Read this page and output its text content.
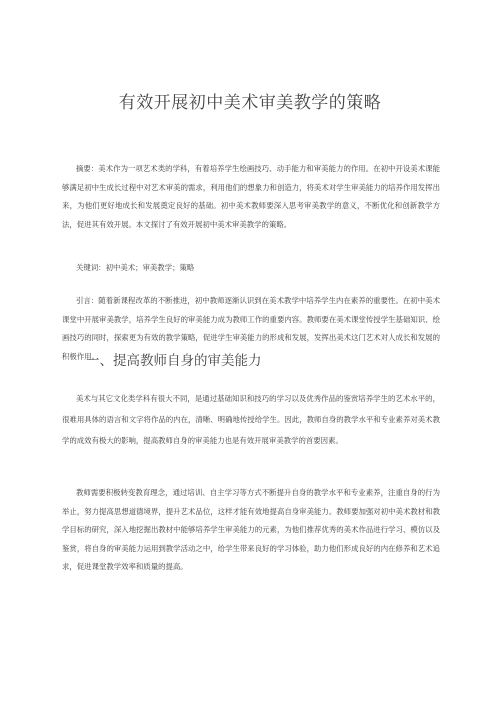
有效开展初中美术审美教学的策略
摘要：美术作为一项艺术类的学科，有着培养学生绘画技巧、动手能力和审美能力的作用。在初中开设美术课能够满足初中生成长过程中对艺术审美的需求，利用他们的想象力和创造力，将美术对学生审美能力的培养作用发挥出来，为他们更好地成长和发展奠定良好的基础。初中美术教师要深入思考审美教学的意义，不断优化和创新教学方法，促进其有效开展。本文探讨了有效开展初中美术审美教学的策略。
关键词：初中美术；审美教学；策略
引言：随着新课程改革的不断推进，初中教师逐渐认识到在美术教学中培养学生内在素养的重要性。在初中美术课堂中开展审美教学，培养学生良好的审美能力成为教师工作的重要内容。教师要在美术课堂传授学生基础知识、绘画技巧的同时，探索更为有效的教学策略，促进学生审美能力的形成和发展，发挥出美术这门艺术对人成长和发展的积极作用。
一、提高教师自身的审美能力
美术与其它文化类学科有很大不同，是通过基础知识和技巧的学习以及优秀作品的鉴赏培养学生的艺术水平的，很难用具体的语言和文字将作品的内在，清晰、明确地传授给学生。因此，教师自身的教学水平和专业素养对美术教学的成效有极大的影响，提高教师自身的审美能力也是有效开展审美教学的首要因素。
教师需要积极转变教育理念，通过培训、自主学习等方式不断提升自身的教学水平和专业素养，注重自身的行为举止，努力提高思想道德境界，提升艺术品位，这样才能有效地提高自身审美能力。教师要加强对初中美术教材和教学目标的研究，深入地挖掘出教材中能够培养学生审美能力的元素，为他们推荐优秀的美术作品进行学习、模仿以及鉴赏，将自身的审美能力运用到教学活动之中，给学生带来良好的学习体验，助力他们形成良好的内在修养和艺术追求，促进课堂教学效率和质量的提高。
